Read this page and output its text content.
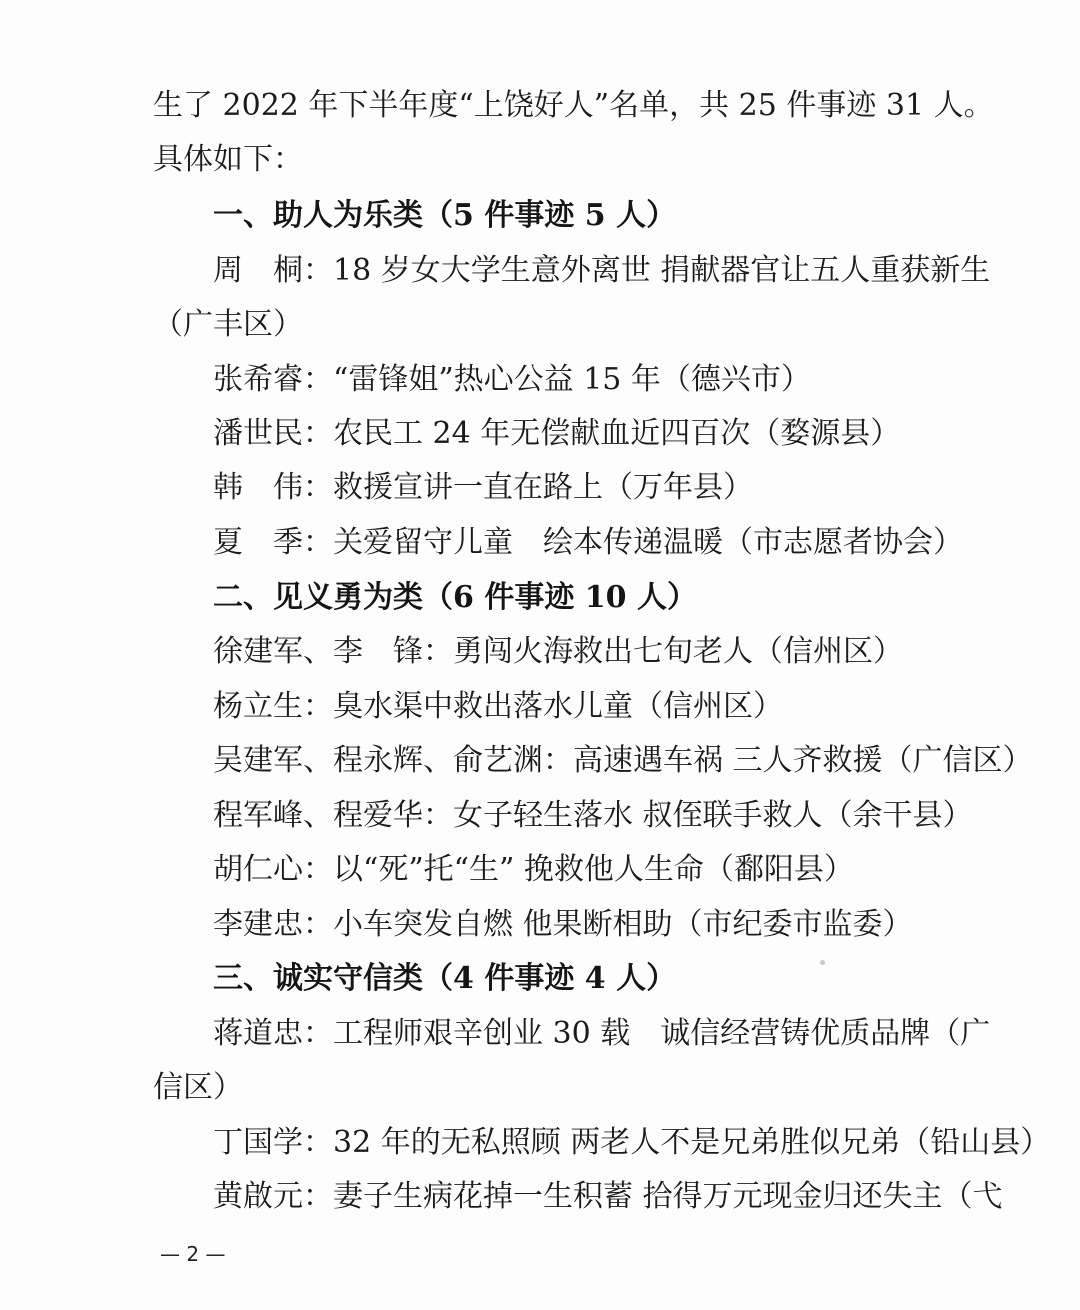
生了 2022 年下半年度“上饶好人”名单，共 25 件事迹 31 人。
具体如下：
一、助人为乐类（5 件事迹 5 人）
周　桐：18 岁女大学生意外离世 捐献器官让五人重获新生
（广丰区）
张希睿：“雷锋姐”热心公益 15 年（德兴市）
潘世民：农民工 24 年无偿献血近四百次（婺源县）
韩　伟：救援宣讲一直在路上（万年县）
夏　季：关爱留守儿童　绘本传递温暖（市志愿者协会）
二、见义勇为类（6 件事迹 10 人）
徐建军、李　锋：勇闯火海救出七旬老人（信州区）
杨立生：臭水渠中救出落水儿童（信州区）
吴建军、程永辉、俞艺渊：高速遇车祸 三人齐救援（广信区）
程军峰、程爱华：女子轻生落水 叔侄联手救人（余干县）
胡仁心：以“死”托“生” 挽救他人生命（鄱阳县）
李建忠：小车突发自燃 他果断相助（市纪委市监委）
三、诚实守信类（4 件事迹 4 人）
蒋道忠：工程师艰辛创业 30 载　诚信经营铸优质品牌（广
信区）
丁国学：32 年的无私照顾 两老人不是兄弟胜似兄弟（铅山县）
黄啟元：妻子生病花掉一生积蓄 拾得万元现金归还失主（弋
— 2 —
